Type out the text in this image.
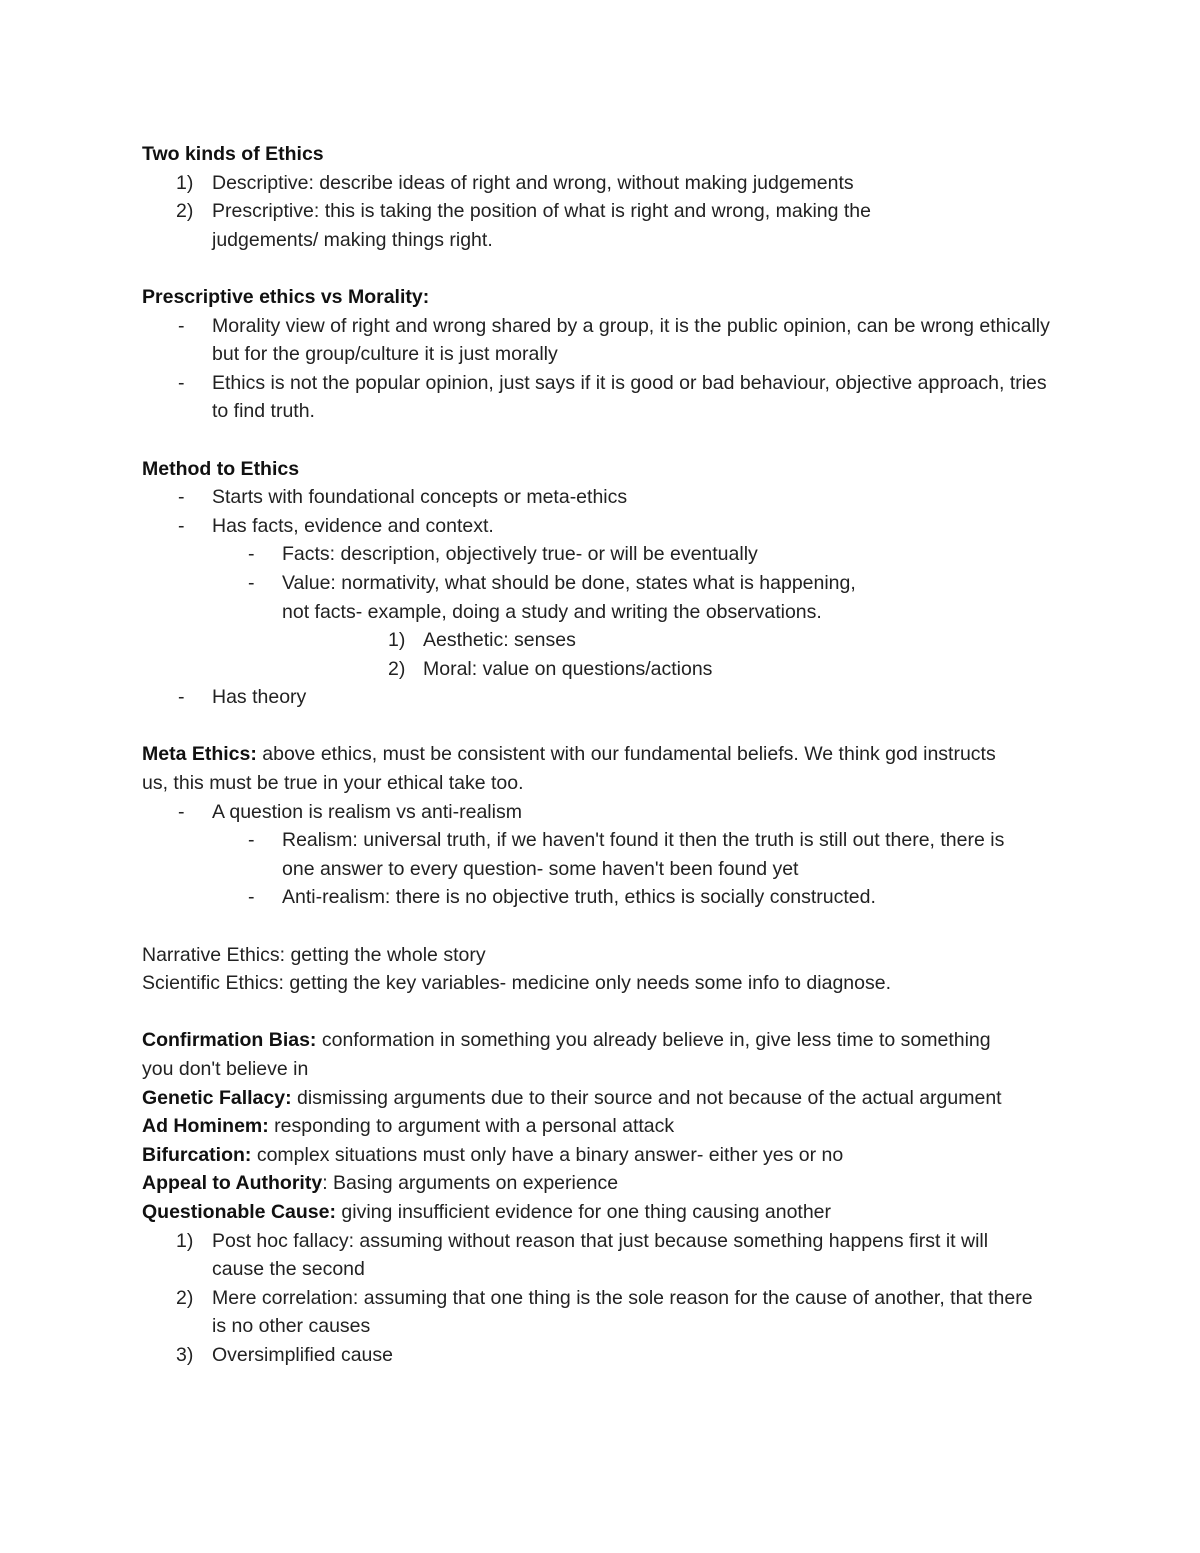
Two kinds of Ethics
1) Descriptive: describe ideas of right and wrong, without making judgements
2) Prescriptive: this is taking the position of what is right and wrong, making the judgements/ making things right.
Prescriptive ethics vs Morality:
- Morality view of right and wrong shared by a group, it is the public opinion, can be wrong ethically but for the group/culture it is just morally
- Ethics is not the popular opinion, just says if it is good or bad behaviour, objective approach, tries to find truth.
Method to Ethics
- Starts with foundational concepts or meta-ethics
- Has facts, evidence and context.
- Facts: description, objectively true- or will be eventually
- Value: normativity, what should be done, states what is happening, not facts- example, doing a study and writing the observations.
1) Aesthetic: senses
2) Moral: value on questions/actions
- Has theory
Meta Ethics: above ethics, must be consistent with our fundamental beliefs. We think god instructs us, this must be true in your ethical take too.
- A question is realism vs anti-realism
- Realism: universal truth, if we haven't found it then the truth is still out there, there is one answer to every question- some haven't been found yet
- Anti-realism: there is no objective truth, ethics is socially constructed.
Narrative Ethics: getting the whole story
Scientific Ethics: getting the key variables- medicine only needs some info to diagnose.
Confirmation Bias: conformation in something you already believe in, give less time to something you don't believe in
Genetic Fallacy: dismissing arguments due to their source and not because of the actual argument
Ad Hominem: responding to argument with a personal attack
Bifurcation: complex situations must only have a binary answer- either yes or no
Appeal to Authority: Basing arguments on experience
Questionable Cause: giving insufficient evidence for one thing causing another
1) Post hoc fallacy: assuming without reason that just because something happens first it will cause the second
2) Mere correlation: assuming that one thing is the sole reason for the cause of another, that there is no other causes
3) Oversimplified cause
